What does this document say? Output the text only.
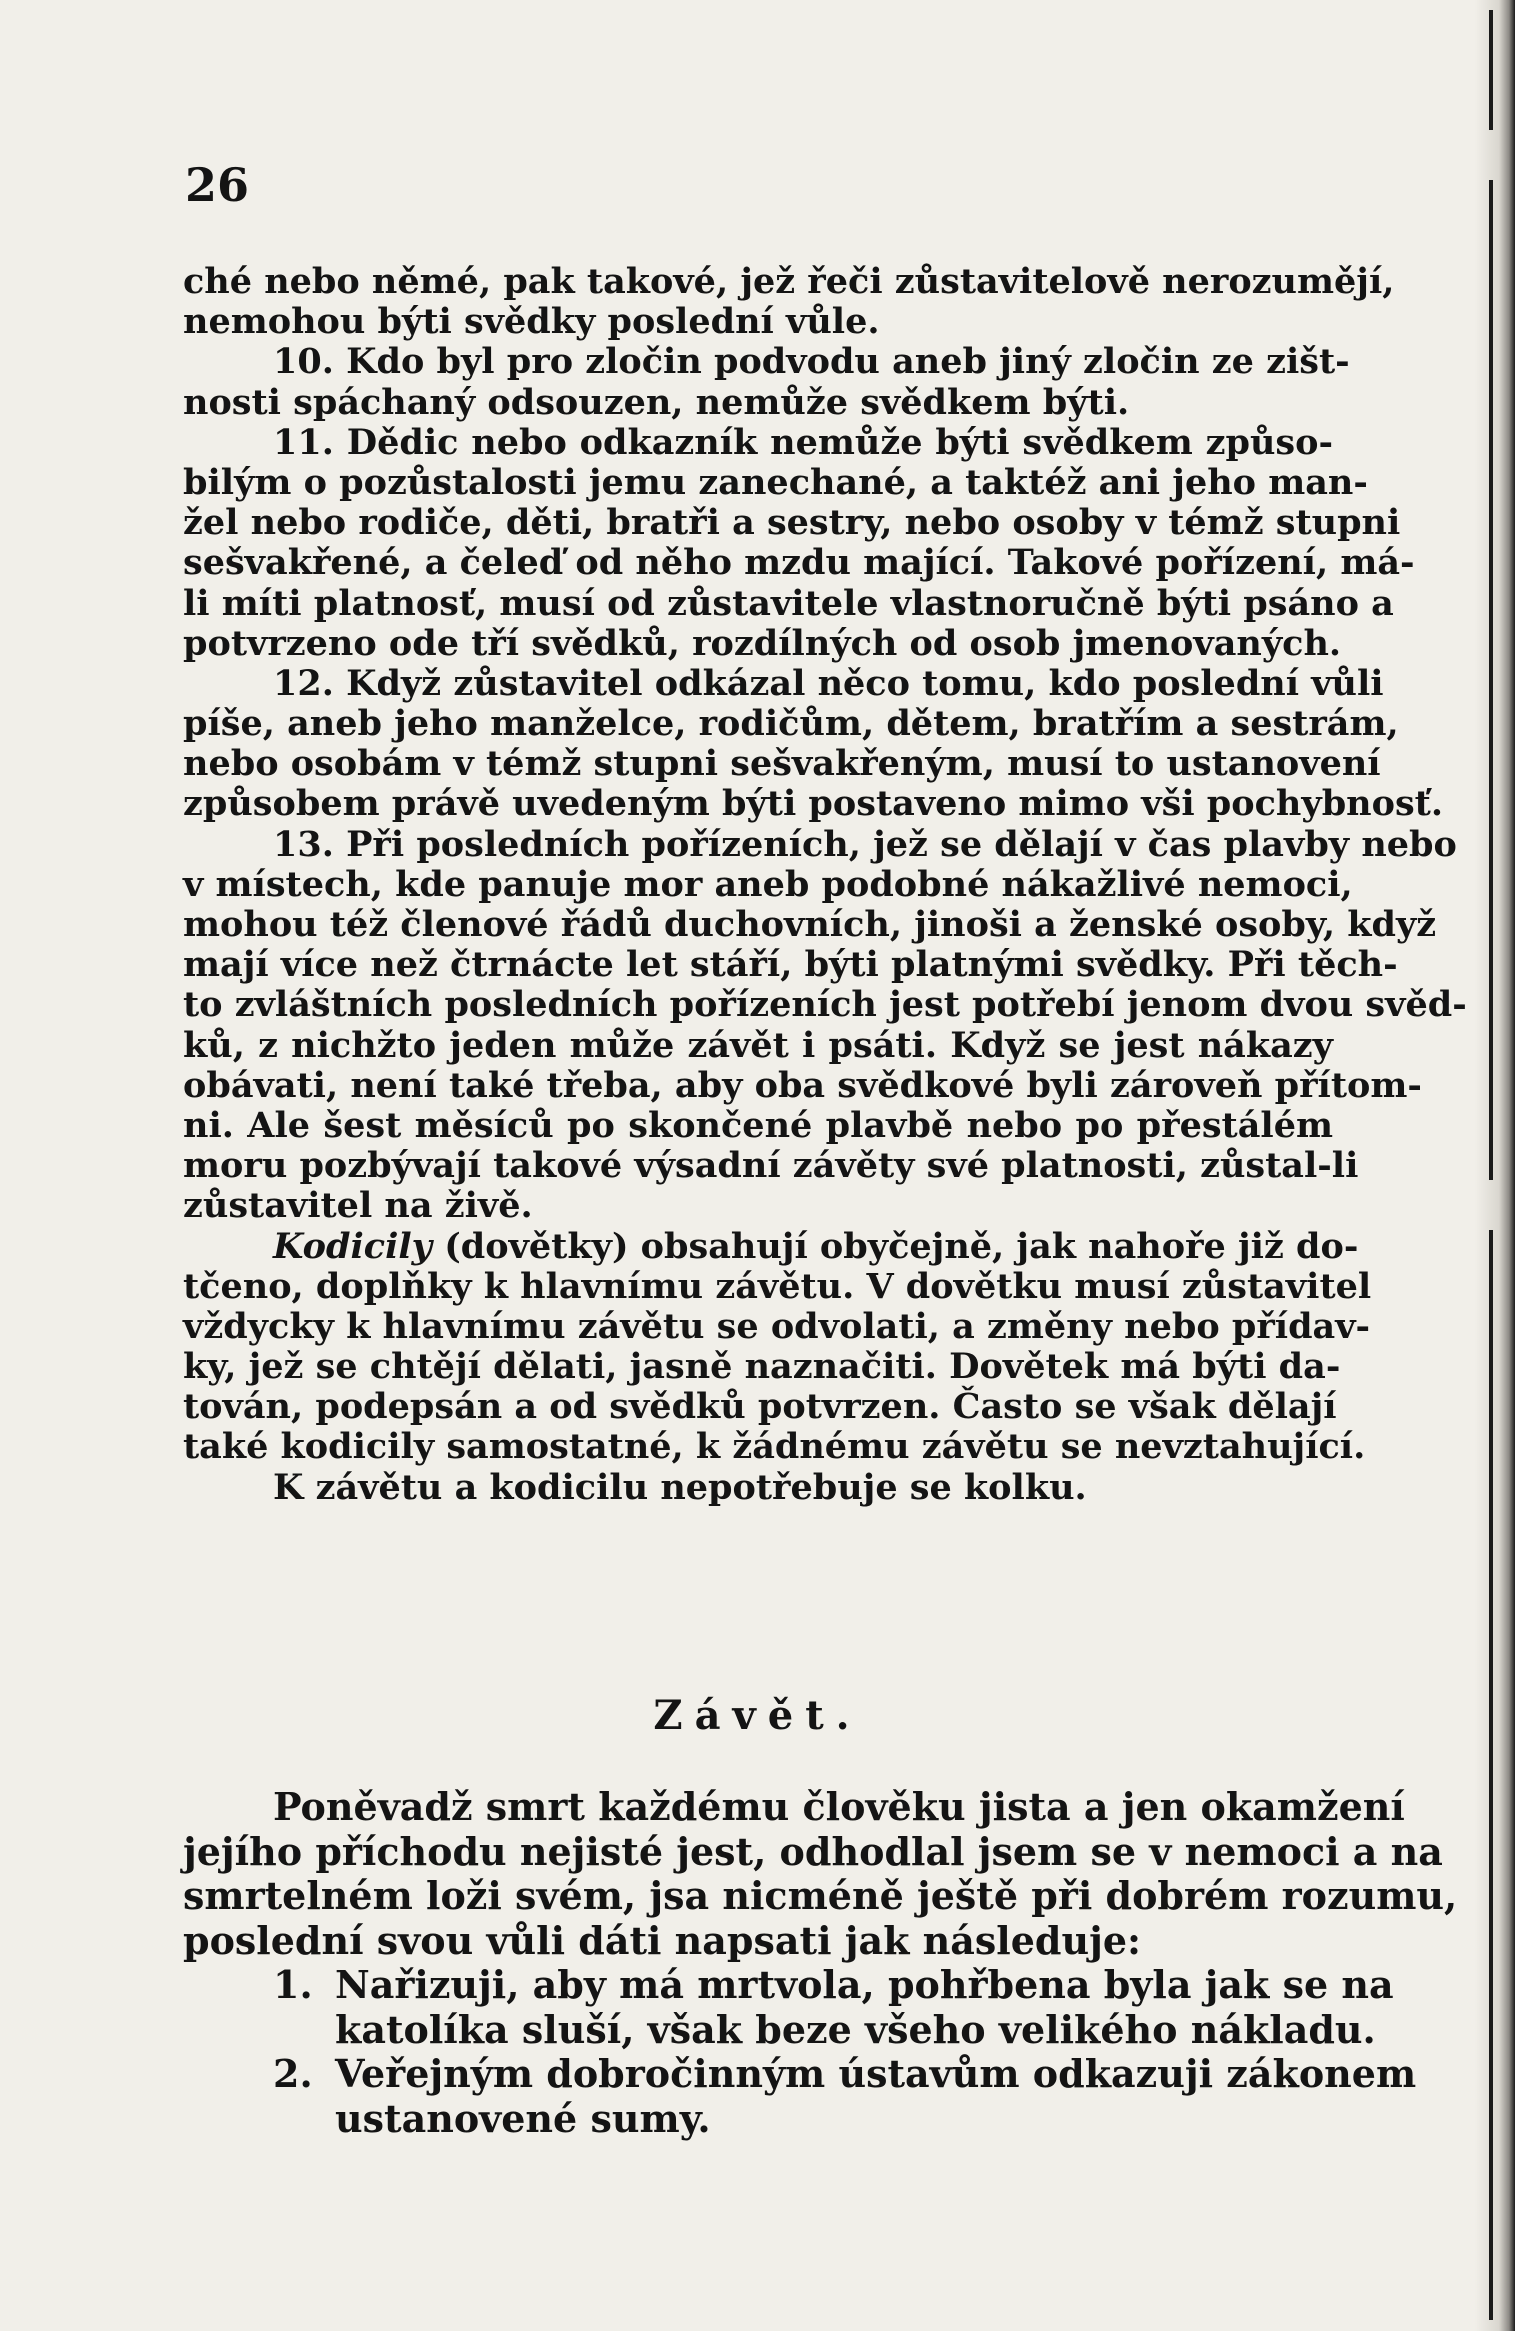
26
ché nebo němé, pak takové, jež řeči zůstavitelově nerozumějí,
nemohou býti svědky poslední vůle.
10. Kdo byl pro zločin podvodu aneb jiný zločin ze zišt-
nosti spáchaný odsouzen, nemůže svědkem býti.
11. Dědic nebo odkazník nemůže býti svědkem způso-
bilým o pozůstalosti jemu zanechané, a taktéž ani jeho man-
žel nebo rodiče, děti, bratři a sestry, nebo osoby v témž stupni
sešvakřené, a čeleď od něho mzdu mající. Takové pořízení, má-
li míti platnosť, musí od zůstavitele vlastnoručně býti psáno a
potvrzeno ode tří svědků, rozdílných od osob jmenovaných.
12. Když zůstavitel odkázal něco tomu, kdo poslední vůli
píše, aneb jeho manželce, rodičům, dětem, bratřím a sestrám,
nebo osobám v témž stupni sešvakřeným, musí to ustanovení
způsobem právě uvedeným býti postaveno mimo vši pochybnosť.
13. Při posledních pořízeních, jež se dělají v čas plavby nebo
v místech, kde panuje mor aneb podobné nákažlivé nemoci,
mohou též členové řádů duchovních, jinoši a ženské osoby, když
mají více než čtrnácte let stáří, býti platnými svědky. Při těch-
to zvláštních posledních pořízeních jest potřebí jenom dvou svěd-
ků, z nichžto jeden může závět i psáti. Když se jest nákazy
obávati, není také třeba, aby oba svědkové byli zároveň přítom-
ni. Ale šest měsíců po skončené plavbě nebo po přestálém
moru pozbývají takové výsadní závěty své platnosti, zůstal-li
zůstavitel na živě.
Kodicily (dovětky) obsahují obyčejně, jak nahoře již do-
tčeno, doplňky k hlavnímu závětu. V dovětku musí zůstavitel
vždycky k hlavnímu závětu se odvolati, a změny nebo přídav-
ky, jež se chtějí dělati, jasně naznačiti. Dovětek má býti da-
tován, podepsán a od svědků potvrzen. Často se však dělají
také kodicily samostatné, k žádnému závětu se nevztahující.
K závětu a kodicilu nepotřebuje se kolku.
Závět.
Poněvadž smrt každému člověku jista a jen okamžení
jejího příchodu nejisté jest, odhodlal jsem se v nemoci a na
smrtelném loži svém, jsa nicméně ještě při dobrém rozumu,
poslední svou vůli dáti napsati jak následuje:
1. Nařizuji, aby má mrtvola, pohřbena byla jak se na
katolíka sluší, však beze všeho velikého nákladu.
2. Veřejným dobročinným ústavům odkazuji zákonem
ustanovené sumy.
